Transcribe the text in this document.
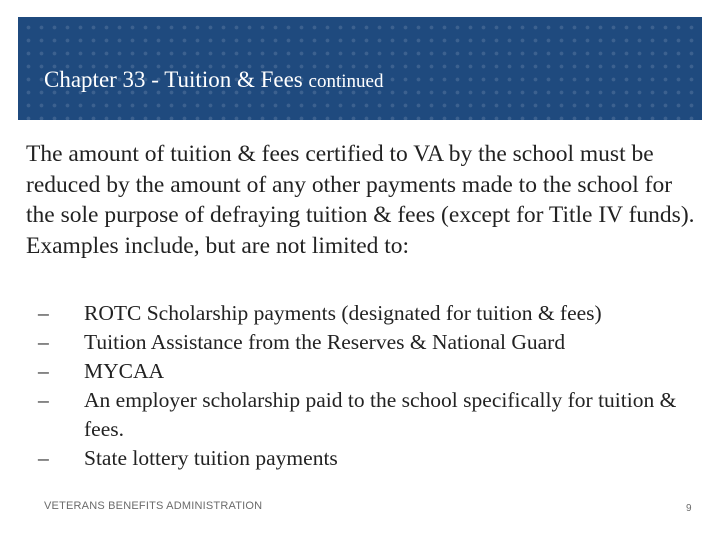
Chapter 33 - Tuition & Fees continued

The amount of tuition & fees certified to VA by the school must be reduced by the amount of any other payments made to the school for the sole purpose of defraying tuition & fees (except for Title IV funds). Examples include, but are not limited to:

– ROTC Scholarship payments (designated for tuition & fees)
– Tuition Assistance from the Reserves & National Guard
– MYCAA
– An employer scholarship paid to the school specifically for tuition & fees.
– State lottery tuition payments
VETERANS BENEFITS ADMINISTRATION	9
